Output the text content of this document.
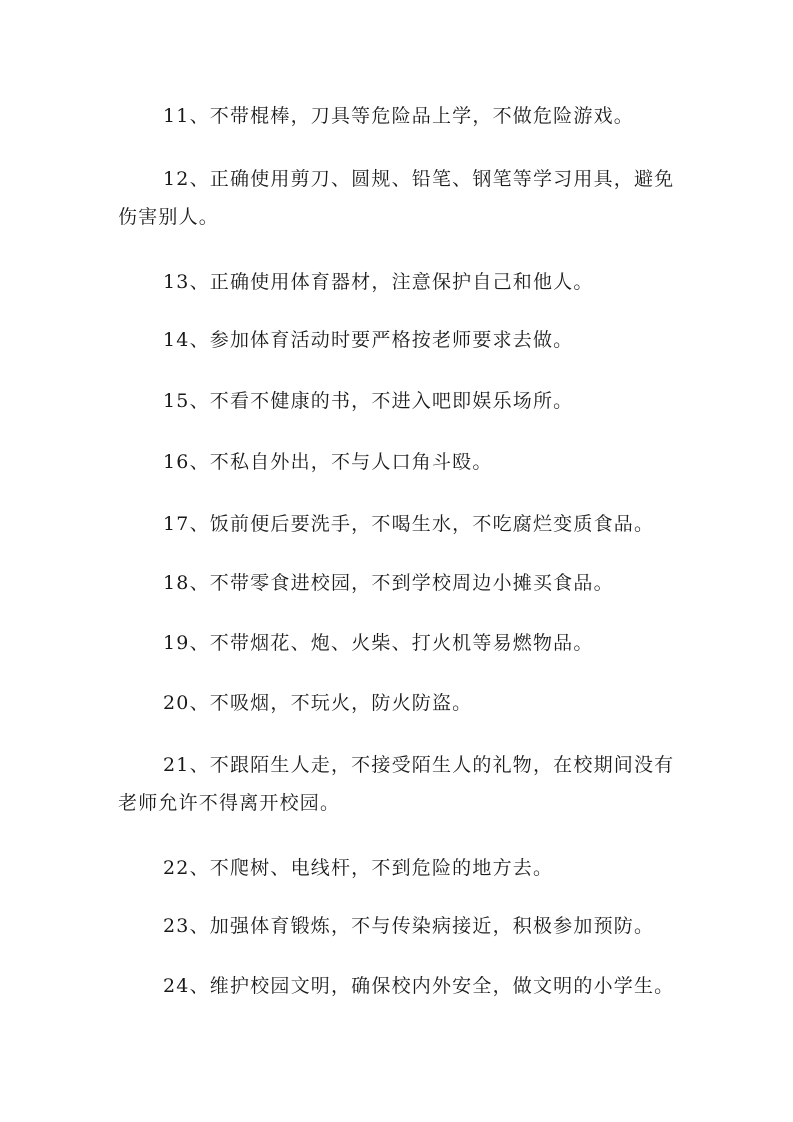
11、不带棍棒，刀具等危险品上学，不做危险游戏。

12、正确使用剪刀、圆规、铅笔、钢笔等学习用具，避免伤害别人。

13、正确使用体育器材，注意保护自己和他人。

14、参加体育活动时要严格按老师要求去做。

15、不看不健康的书，不进入吧即娱乐场所。

16、不私自外出，不与人口角斗殴。

17、饭前便后要洗手，不喝生水，不吃腐烂变质食品。

18、不带零食进校园，不到学校周边小摊买食品。

19、不带烟花、炮、火柴、打火机等易燃物品。

20、不吸烟，不玩火，防火防盗。

21、不跟陌生人走，不接受陌生人的礼物，在校期间没有老师允许不得离开校园。

22、不爬树、电线杆，不到危险的地方去。

23、加强体育锻炼，不与传染病接近，积极参加预防。

24、维护校园文明，确保校内外安全，做文明的小学生。
